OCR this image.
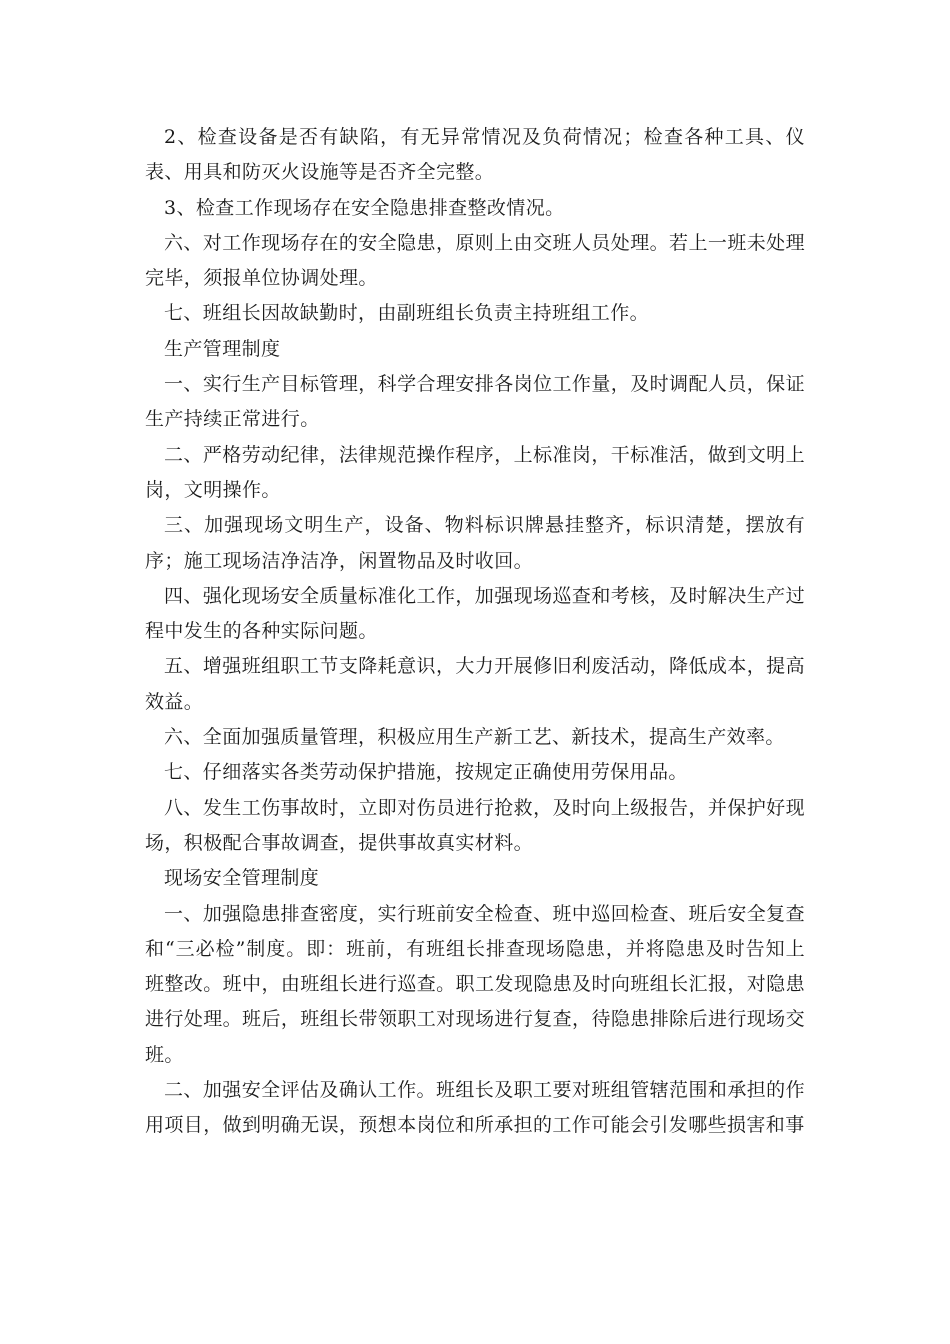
2、检查设备是否有缺陷，有无异常情况及负荷情况；检查各种工具、仪表、用具和防灭火设施等是否齐全完整。

3、检查工作现场存在安全隐患排查整改情况。

六、对工作现场存在的安全隐患，原则上由交班人员处理。若上一班未处理完毕，须报单位协调处理。

七、班组长因故缺勤时，由副班组长负责主持班组工作。

生产管理制度

一、实行生产目标管理，科学合理安排各岗位工作量，及时调配人员，保证生产持续正常进行。

二、严格劳动纪律，法律规范操作程序，上标准岗，干标准活，做到文明上岗，文明操作。

三、加强现场文明生产，设备、物料标识牌悬挂整齐，标识清楚，摆放有序；施工现场洁净洁净，闲置物品及时收回。

四、强化现场安全质量标准化工作，加强现场巡查和考核，及时解决生产过程中发生的各种实际问题。

五、增强班组职工节支降耗意识，大力开展修旧利废活动，降低成本，提高效益。

六、全面加强质量管理，积极应用生产新工艺、新技术，提高生产效率。

七、仔细落实各类劳动保护措施，按规定正确使用劳保用品。

八、发生工伤事故时，立即对伤员进行抢救，及时向上级报告，并保护好现场，积极配合事故调查，提供事故真实材料。

现场安全管理制度

一、加强隐患排查密度，实行班前安全检查、班中巡回检查、班后安全复查和“三必检”制度。即：班前，有班组长排查现场隐患，并将隐患及时告知上班整改。班中，由班组长进行巡查。职工发现隐患及时向班组长汇报，对隐患进行处理。班后，班组长带领职工对现场进行复查，待隐患排除后进行现场交班。

二、加强安全评估及确认工作。班组长及职工要对班组管辖范围和承担的作用项目，做到明确无误，预想本岗位和所承担的工作可能会引发哪些损害和事
